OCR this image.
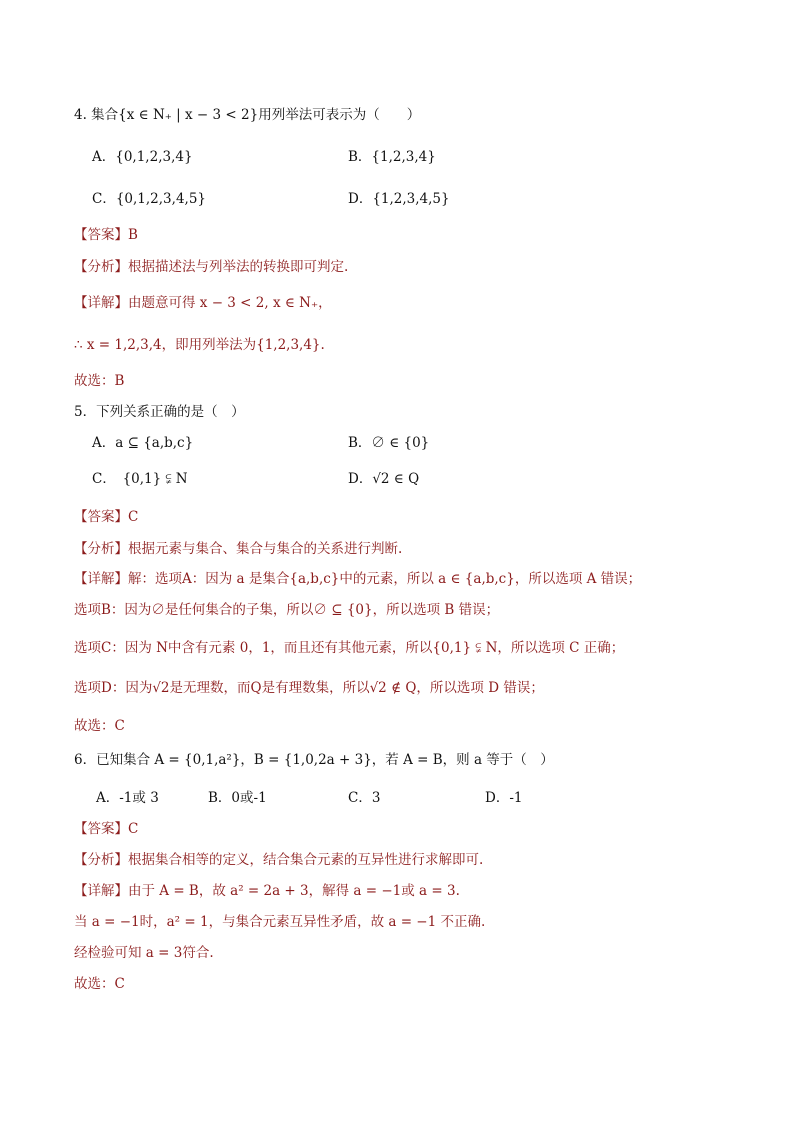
4. 集合{x ∈ N₊ | x − 3 < 2}用列举法可表示为（　　）
A．{0,1,2,3,4}	B．{1,2,3,4}
C．{0,1,2,3,4,5}	D．{1,2,3,4,5}
【答案】B
【分析】根据描述法与列举法的转换即可判定.
【详解】由题意可得 x − 3 < 2, x ∈ N₊，
∴ x = 1,2,3,4，即用列举法为{1,2,3,4}.
故选：B
5．下列关系正确的是（　）
A．a ⊆ {a,b,c}	B．∅ ∈ {0}
C．　{0,1} ⫋ N	D．√2 ∈ Q
【答案】C
【分析】根据元素与集合、集合与集合的关系进行判断.
【详解】解：选项A：因为 a 是集合{a,b,c}中的元素，所以 a ∈ {a,b,c}，所以选项 A 错误；
选项B：因为∅是任何集合的子集，所以∅ ⊆ {0}，所以选项 B 错误；
选项C：因为 N中含有元素 0，1，而且还有其他元素，所以{0,1} ⫋ N，所以选项 C 正确；
选项D：因为√2是无理数，而Q是有理数集，所以√2 ∉ Q，所以选项 D 错误；
故选：C
6．已知集合 A = {0,1,a²}，B = {1,0,2a + 3}，若 A = B，则 a 等于（　）
A．-1或 3	B．0或-1	C．3	D．-1
【答案】C
【分析】根据集合相等的定义，结合集合元素的互异性进行求解即可.
【详解】由于 A = B，故 a² = 2a + 3，解得 a = −1或 a = 3.
当 a = −1时，a² = 1，与集合元素互异性矛盾，故 a = −1 不正确.
经检验可知 a = 3符合.
故选：C
